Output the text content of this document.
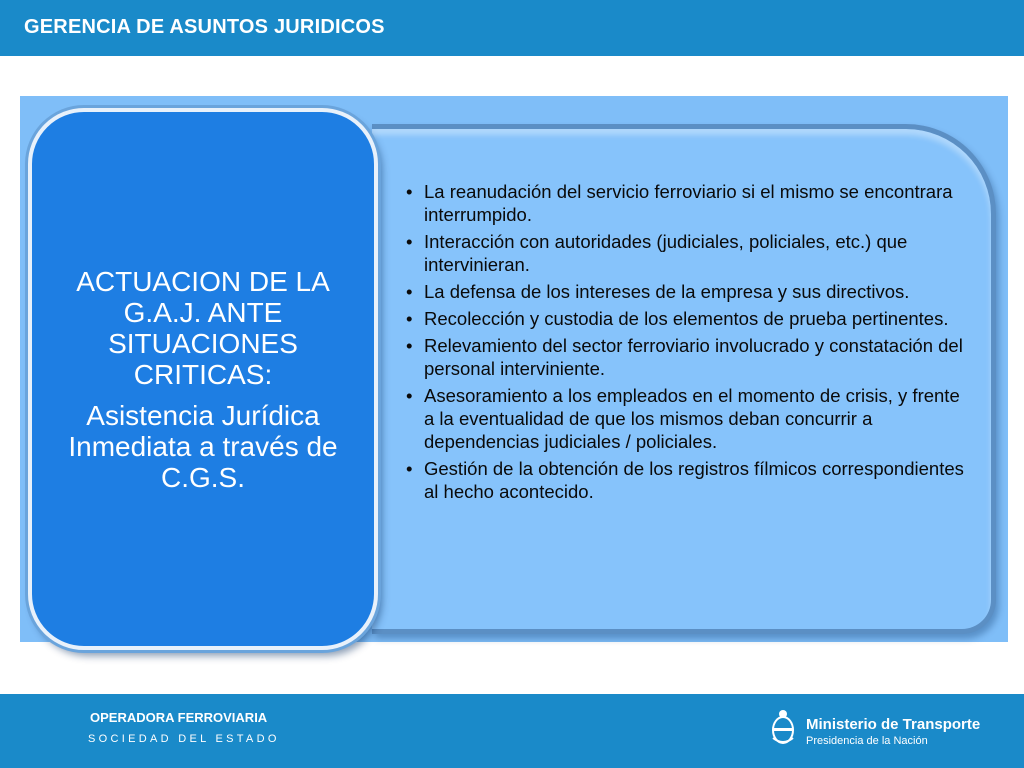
GERENCIA DE ASUNTOS JURIDICOS
• La reanudación del servicio ferroviario si el mismo se encontrara interrumpido.
• Interacción con autoridades (judiciales, policiales, etc.) que intervinieran.
• La defensa de los intereses de la empresa y sus directivos.
• Recolección y custodia de los elementos de prueba pertinentes.
• Relevamiento del sector ferroviario involucrado y constatación del personal interviniente.
• Asesoramiento a los empleados en el momento de crisis, y frente a la eventualidad de que los mismos deban concurrir a dependencias judiciales / policiales.
• Gestión de la obtención de los registros fílmicos correspondientes al hecho acontecido.
ACTUACION DE LA G.A.J. ANTE SITUACIONES CRITICAS:
Asistencia Jurídica Inmediata a través de C.G.S.
OPERADORA FERROVIARIA
SOCIEDAD DEL ESTADO
Ministerio de Transporte
Presidencia de la Nación
